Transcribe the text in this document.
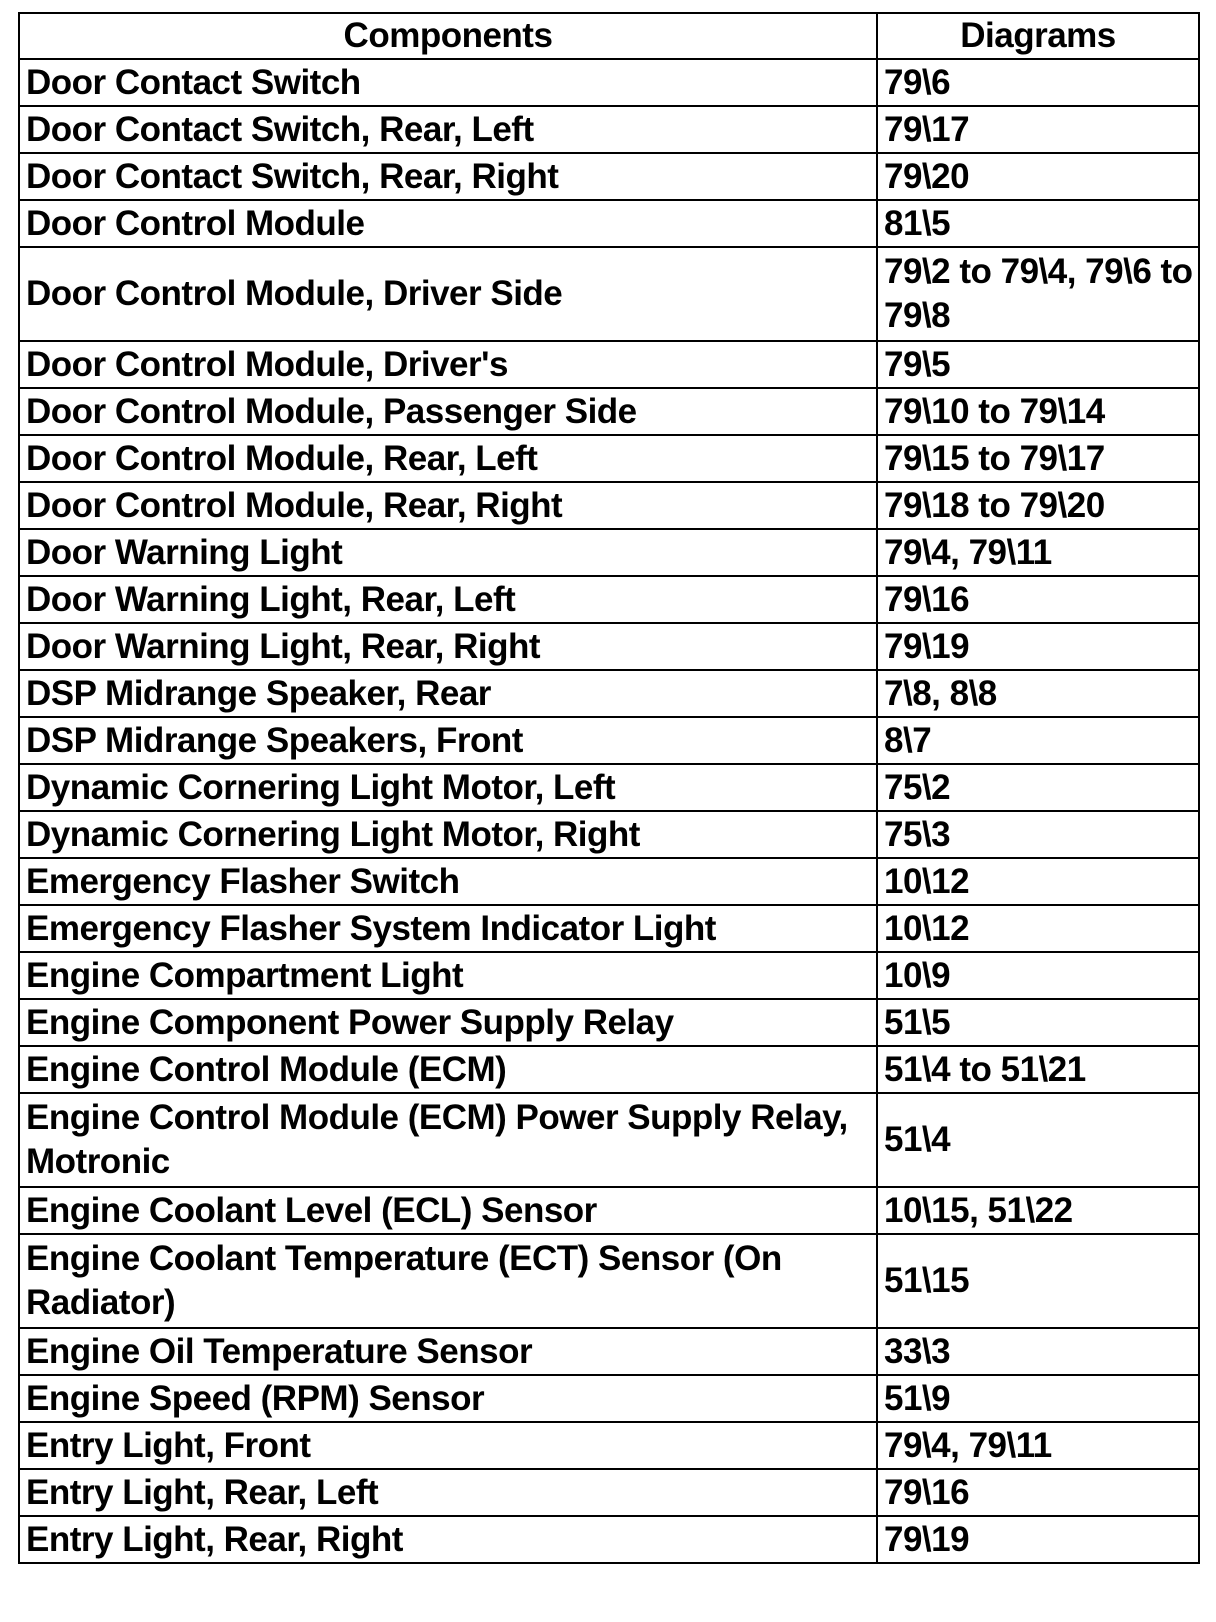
Components	Diagrams
Door Contact Switch	79\6
Door Contact Switch, Rear, Left	79\17
Door Contact Switch, Rear, Right	79\20
Door Control Module	81\5
Door Control Module, Driver Side	79\2 to 79\4, 79\6 to 79\8
Door Control Module, Driver's	79\5
Door Control Module, Passenger Side	79\10 to 79\14
Door Control Module, Rear, Left	79\15 to 79\17
Door Control Module, Rear, Right	79\18 to 79\20
Door Warning Light	79\4, 79\11
Door Warning Light, Rear, Left	79\16
Door Warning Light, Rear, Right	79\19
DSP Midrange Speaker, Rear	7\8, 8\8
DSP Midrange Speakers, Front	8\7
Dynamic Cornering Light Motor, Left	75\2
Dynamic Cornering Light Motor, Right	75\3
Emergency Flasher Switch	10\12
Emergency Flasher System Indicator Light	10\12
Engine Compartment Light	10\9
Engine Component Power Supply Relay	51\5
Engine Control Module (ECM)	51\4 to 51\21
Engine Control Module (ECM) Power Supply Relay, Motronic	51\4
Engine Coolant Level (ECL) Sensor	10\15, 51\22
Engine Coolant Temperature (ECT) Sensor (On Radiator)	51\15
Engine Oil Temperature Sensor	33\3
Engine Speed (RPM) Sensor	51\9
Entry Light, Front	79\4, 79\11
Entry Light, Rear, Left	79\16
Entry Light, Rear, Right	79\19
